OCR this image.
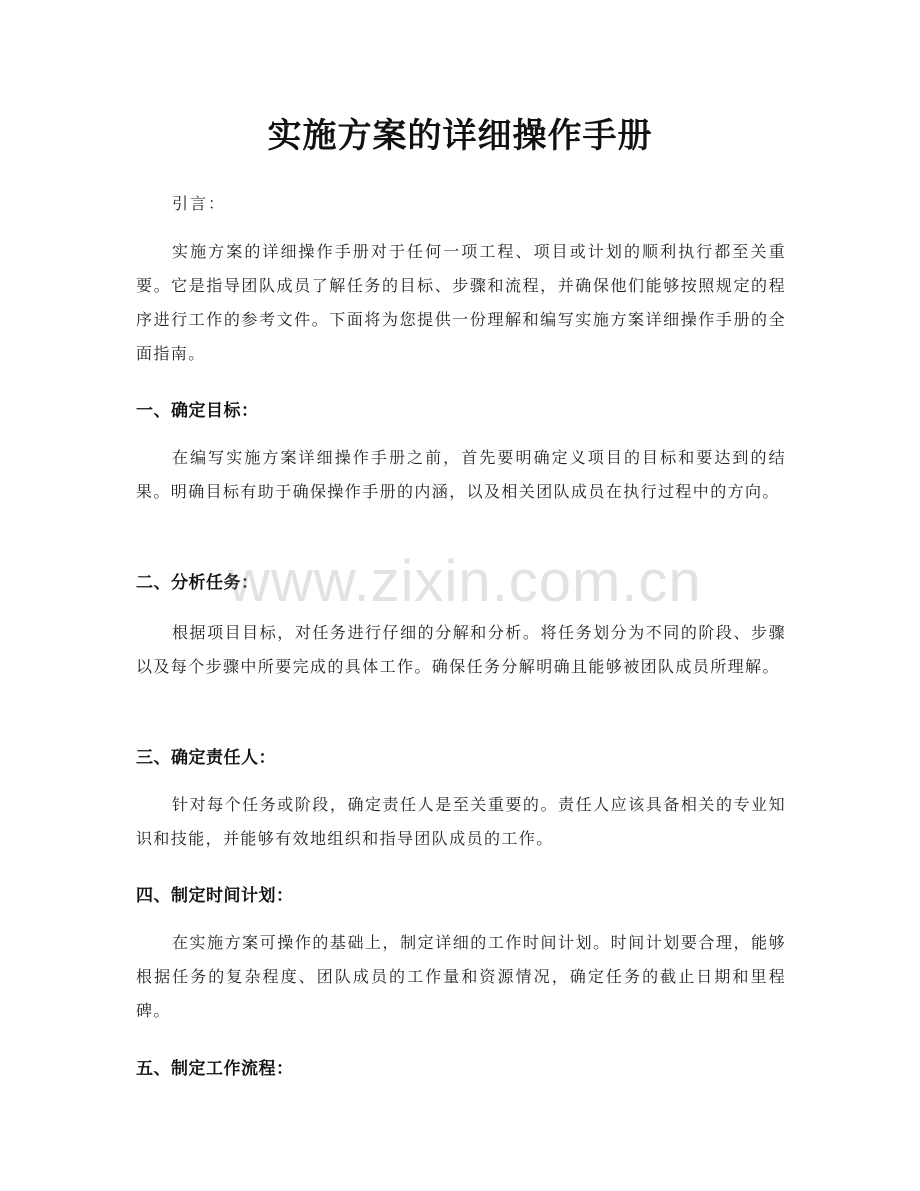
实施方案的详细操作手册
引言：

实施方案的详细操作手册对于任何一项工程、项目或计划的顺利执行都至关重要。它是指导团队成员了解任务的目标、步骤和流程，并确保他们能够按照规定的程序进行工作的参考文件。下面将为您提供一份理解和编写实施方案详细操作手册的全面指南。

一、确定目标：

在编写实施方案详细操作手册之前，首先要明确定义项目的目标和要达到的结果。明确目标有助于确保操作手册的内涵，以及相关团队成员在执行过程中的方向。

二、分析任务：

根据项目目标，对任务进行仔细的分解和分析。将任务划分为不同的阶段、步骤以及每个步骤中所要完成的具体工作。确保任务分解明确且能够被团队成员所理解。

三、确定责任人：

针对每个任务或阶段，确定责任人是至关重要的。责任人应该具备相关的专业知识和技能，并能够有效地组织和指导团队成员的工作。

四、制定时间计划：

在实施方案可操作的基础上，制定详细的工作时间计划。时间计划要合理，能够根据任务的复杂程度、团队成员的工作量和资源情况，确定任务的截止日期和里程碑。

五、制定工作流程：
www.zixin.com.cn
